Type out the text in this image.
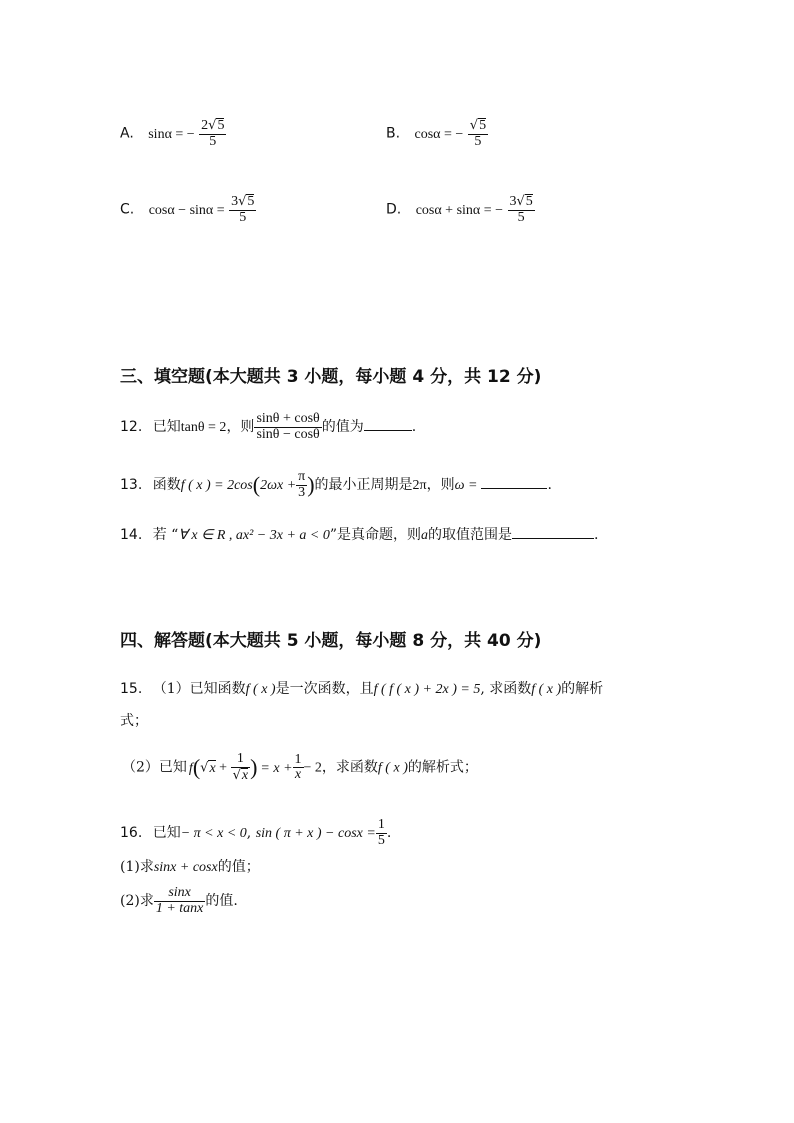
A. sinα = − $\frac{2√5}{5}$	B. cosα = − $\frac{√5}{5}$
C. $\cos\alpha - \sin\alpha = \frac{3√5}{5}$	D. cosα + sinα = − $\frac{3√5}{5}$
三、填空题(本大题共 3 小题，每小题 4 分，共 12 分)
12. 已知tanθ = 2，则 $\frac{\sin\theta + \cos\theta}{\sin\theta - \cos\theta}$ 的值为	.
13. 函数f ( x ) = $2\cos(2\omega x + \frac{\pi}{3}$ )的最小正周期是2π，则ω =	.
14. 若 “∀ x ∈ R , ax² − 3x + a < 0”是真命题，则a的取值范围是	.
四、解答题(本大题共 5 小题，每小题 8 分，共 40 分)
15. （1）已知函数f ( x )是一次函数，且f ( f ( x ) + 2x ) = 5, 求函数f ( x )的解析
式；
（2）已知 $f(√x + \frac{1}{√x}$ ) = $x + \frac{1}{x} - 2$，求函数f ( x )的解析式；
16. 已知− π < x < 0, sin ( π + x ) − $\cos x = \frac{1}{5}$ .
(1)求sinx + cosx的值；
(2)求 $\frac{\sin x}{1 + \tan x}$ 的值.
